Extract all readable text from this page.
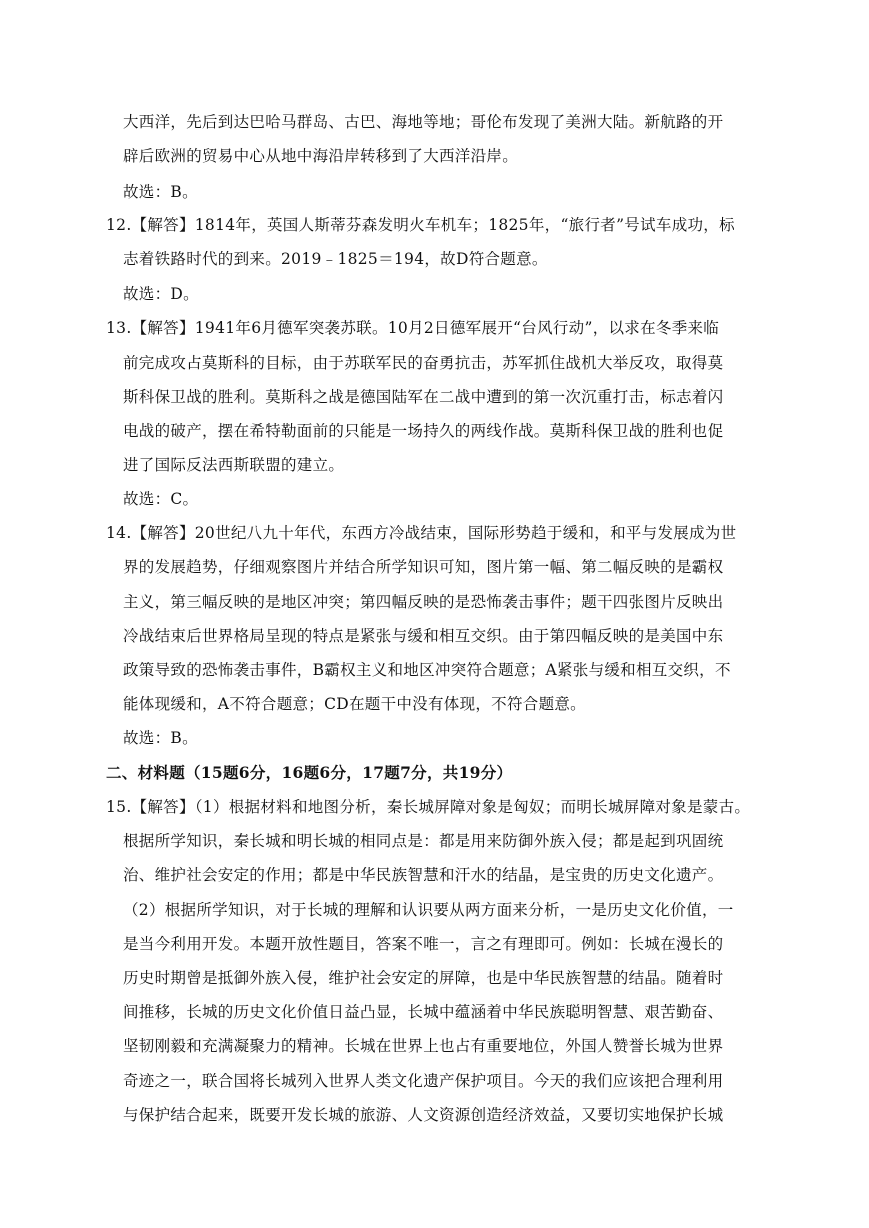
大西洋，先后到达巴哈马群岛、古巴、海地等地；哥伦布发现了美洲大陆。新航路的开
辟后欧洲的贸易中心从地中海沿岸转移到了大西洋沿岸。
故选：B。
12.【解答】1814年，英国人斯蒂芬森发明火车机车；1825年，“旅行者”号试车成功，标
志着铁路时代的到来。2019﹣1825＝194，故D符合题意。
故选：D。
13.【解答】1941年6月德军突袭苏联。10月2日德军展开“台风行动”，以求在冬季来临
前完成攻占莫斯科的目标，由于苏联军民的奋勇抗击，苏军抓住战机大举反攻，取得莫
斯科保卫战的胜利。莫斯科之战是德国陆军在二战中遭到的第一次沉重打击，标志着闪
电战的破产，摆在希特勒面前的只能是一场持久的两线作战。莫斯科保卫战的胜利也促
进了国际反法西斯联盟的建立。
故选：C。
14.【解答】20世纪八九十年代，东西方冷战结束，国际形势趋于缓和，和平与发展成为世
界的发展趋势，仔细观察图片并结合所学知识可知，图片第一幅、第二幅反映的是霸权
主义，第三幅反映的是地区冲突；第四幅反映的是恐怖袭击事件；题干四张图片反映出
冷战结束后世界格局呈现的特点是紧张与缓和相互交织。由于第四幅反映的是美国中东
政策导致的恐怖袭击事件，B霸权主义和地区冲突符合题意；A紧张与缓和相互交织，不
能体现缓和，A不符合题意；CD在题干中没有体现，不符合题意。
故选：B。
二、材料题（15题6分，16题6分，17题7分，共19分）
15.【解答】（1）根据材料和地图分析，秦长城屏障对象是匈奴；而明长城屏障对象是蒙古。
根据所学知识，秦长城和明长城的相同点是：都是用来防御外族入侵；都是起到巩固统
治、维护社会安定的作用；都是中华民族智慧和汗水的结晶，是宝贵的历史文化遗产。
（2）根据所学知识，对于长城的理解和认识要从两方面来分析，一是历史文化价值，一
是当今利用开发。本题开放性题目，答案不唯一，言之有理即可。例如：长城在漫长的
历史时期曾是抵御外族入侵，维护社会安定的屏障，也是中华民族智慧的结晶。随着时
间推移，长城的历史文化价值日益凸显，长城中蕴涵着中华民族聪明智慧、艰苦勤奋、
坚韧刚毅和充满凝聚力的精神。长城在世界上也占有重要地位，外国人赞誉长城为世界
奇迹之一，联合国将长城列入世界人类文化遗产保护项目。今天的我们应该把合理利用
与保护结合起来，既要开发长城的旅游、人文资源创造经济效益，又要切实地保护长城
